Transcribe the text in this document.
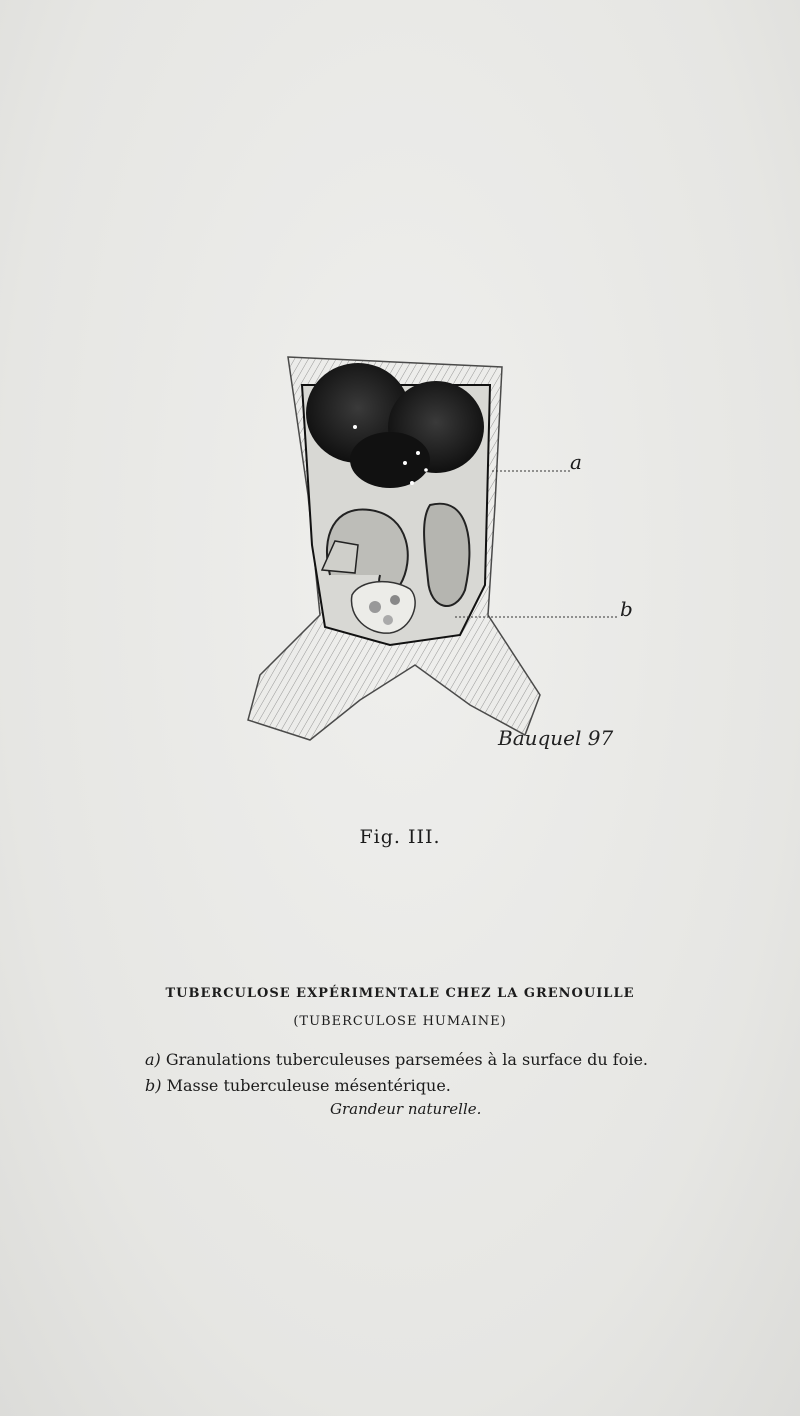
Bauquel 97
a
b
Fig. III.
TUBERCULOSE EXPÉRIMENTALE CHEZ LA GRENOUILLE
(TUBERCULOSE HUMAINE)
a) Granulations tuberculeuses parsemées à la surface du foie.
b) Masse tuberculeuse mésentérique.
Grandeur naturelle.
